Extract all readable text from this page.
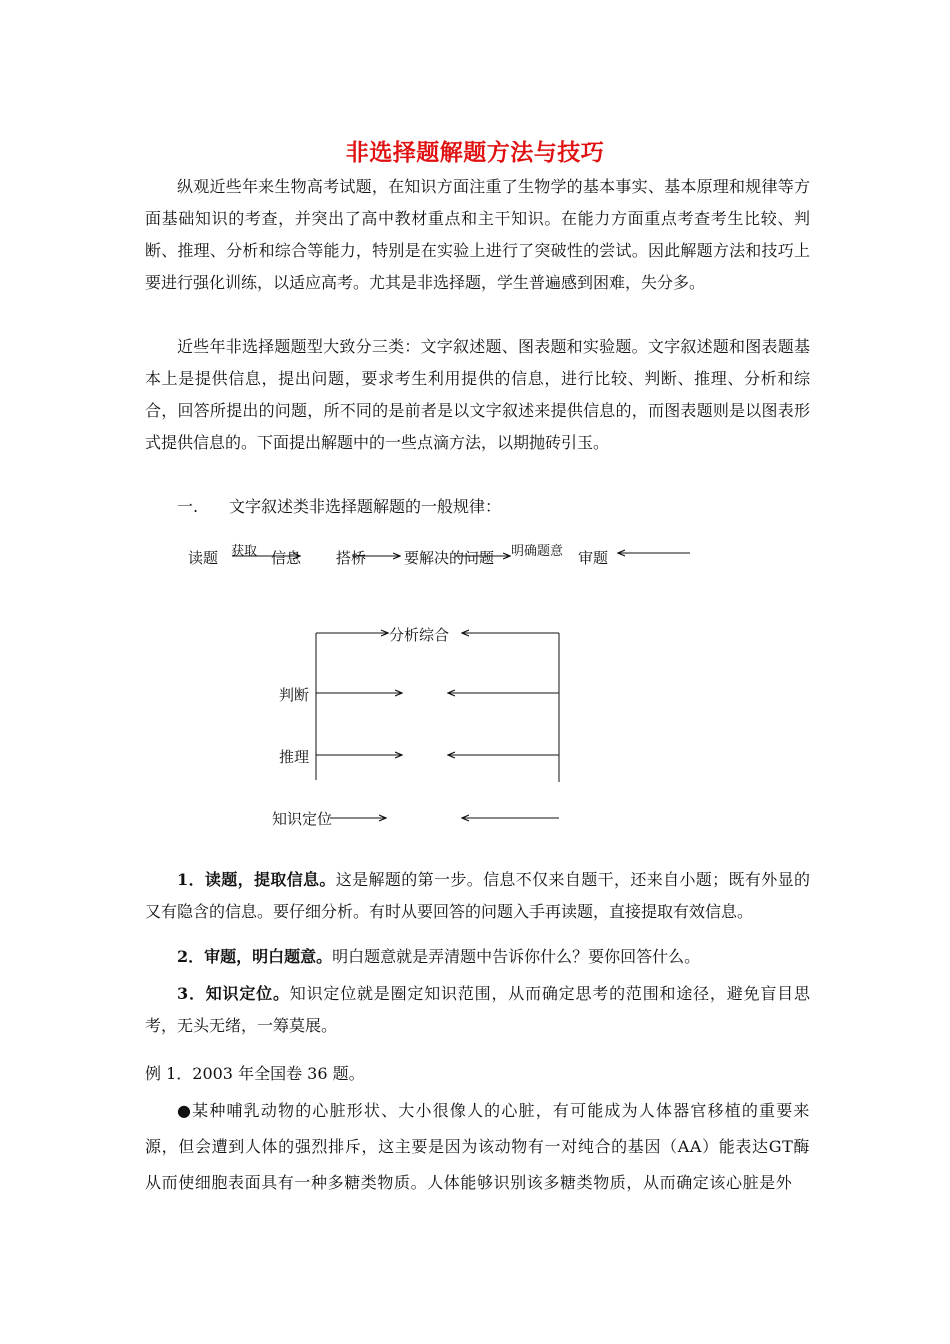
非选择题解题方法与技巧

纵观近些年来生物高考试题，在知识方面注重了生物学的基本事实、基本原理和规律等方面基础知识的考查，并突出了高中教材重点和主干知识。在能力方面重点考查考生比较、判断、推理、分析和综合等能力，特别是在实验上进行了突破性的尝试。因此解题方法和技巧上要进行强化训练，以适应高考。尤其是非选择题，学生普遍感到困难，失分多。

近些年非选择题题型大致分三类：文字叙述题、图表题和实验题。文字叙述题和图表题基本上是提供信息，提出问题，要求考生利用提供的信息，进行比较、判断、推理、分析和综合，回答所提出的问题，所不同的是前者是以文字叙述来提供信息的，而图表题则是以图表形式提供信息的。下面提出解题中的一些点滴方法，以期抛砖引玉。

一. 文字叙述类非选择题解题的一般规律：
读题 获取 信息 搭桥	要解决的问题 明确题意 审题
分析综合
判断
推理
知识定位

1．读题，提取信息。这是解题的第一步。信息不仅来自题干，还来自小题；既有外显的又有隐含的信息。要仔细分析。有时从要回答的问题入手再读题，直接提取有效信息。

2．审题，明白题意。明白题意就是弄清题中告诉你什么？要你回答什么。

3．知识定位。知识定位就是圈定知识范围，从而确定思考的范围和途径，避免盲目思考，无头无绪，一筹莫展。

例 1．2003 年全国卷 36 题。

●某种哺乳动物的心脏形状、大小很像人的心脏，有可能成为人体器官移植的重要来源，但会遭到人体的强烈排斥，这主要是因为该动物有一对纯合的基因（AA）能表达GT酶从而使细胞表面具有一种多糖类物质。人体能够识别该多糖类物质，从而确定该心脏是外
